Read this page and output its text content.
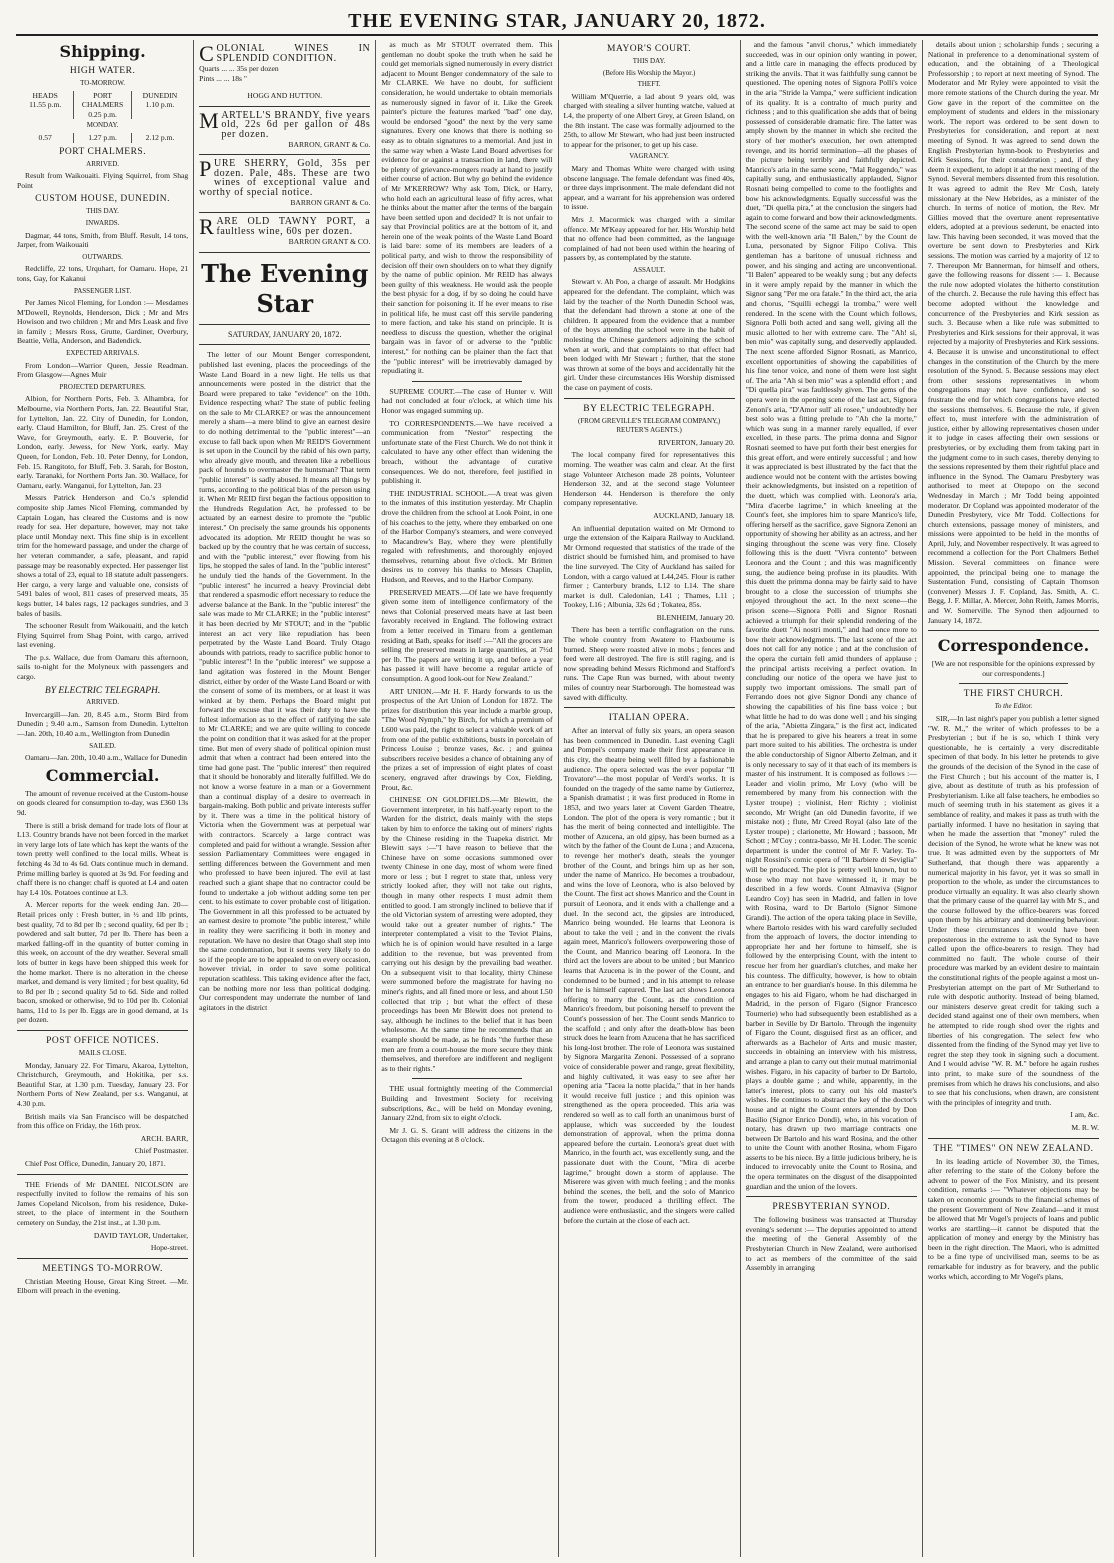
THE EVENING STAR, JANUARY 20, 1872.
Shipping.
HIGH WATER.
TO-MORROW.
HEADS
11.55 p.m.
PORT CHALMERS
0.25 p.m.
DUNEDIN
1.10 p.m.
MONDAY.
0.57	1.27 p.m.	2.12 p.m.
PORT CHALMERS.
ARRIVED.

Result from Waikouaiti. Flying Squirrel, from Shag Point

CUSTOM HOUSE, DUNEDIN.
THIS DAY.
INWARDS.

Dagmar, 44 tons, Smith, from Bluff. Result, 14 tons, Jarper, from Waikouaiti

OUTWARDS.

Redcliffe, 22 tons, Urquhart, for Oamaru. Hope, 21 tons, Gay, for Kakanui

PASSENGER LIST.

Per James Nicol Fleming, for London :— Mesdames M'Dowell, Reynolds, Henderson, Dick ; Mr and Mrs Howison and two children ; Mr and Mrs Leask and five in family ; Messrs Ross, Grutte, Gardiner, Overbury, Beattie, Vella, Anderson, and Badendick.

EXPECTED ARRIVALS.

From London—Warrior Queen, Jessie Readman. From Glasgow—Agnes Muir

PROJECTED DEPARTURES.

Albion, for Northern Ports, Feb. 3. Alhambra, for Melbourne, via Northern Ports, Jan. 22. Beautiful Star, for Lyttelton, Jan. 22. City of Dunedin, for London, early. Claud Hamilton, for Bluff, Jan. 25. Crest of the Wave, for Greymouth, early. E. P. Bouverie, for London, early. Jewess, for New York, early. May Queen, for London, Feb. 10. Peter Denny, for London, Feb. 15. Rangitoto, for Bluff, Feb. 3. Sarah, for Boston, early. Taranaki, for Northern Ports Jan. 30. Wallace, for Oamaru, early. Wanganui, for Lyttelton, Jan. 23

Messrs Patrick Henderson and Co.'s splendid composite ship James Nicol Fleming, commanded by Captain Logan, has cleared the Customs and is now ready for sea. Her departure, however, may not take place until Monday next. This fine ship is in excellent trim for the homeward passage, and under the charge of her veteran commander, a safe, pleasant, and rapid passage may be reasonably expected. Her passenger list shows a total of 23, equal to 18 statute adult passengers. Her cargo, a very large and valuable one, consists of 5491 bales of wool, 811 cases of preserved meats, 35 kegs butter, 14 bales rags, 12 packages sundries, and 3 bales of basils.

The schooner Result from Waikouaiti, and the ketch Flying Squirrel from Shag Point, with cargo, arrived last evening.

The p.s. Wallace, due from Oamaru this afternoon, sails to-night for the Molyneux with passengers and cargo.

BY ELECTRIC TELEGRAPH.
ARRIVED.

Invercargill—Jan. 20, 8.45 a.m., Storm Bird from Dunedin ; 9.40 a.m., Samson from Dunedin. Lyttelton—Jan. 20th, 10.40 a.m., Wellington from Dunedin

SAILED.

Oamaru—Jan. 20th, 10.40 a.m., Wallace for Dunedin

Commercial.

The amount of revenue received at the Custom-house on goods cleared for consumption to-day, was £360 13s 9d.

There is still a brisk demand for trade lots of flour at L13. Country brands have not been forced in the market in very large lots of late which has kept the wants of the town pretty well confined to the local mills. Wheat is fetching 4s 3d to 4s 6d. Oats continue much in demand. Prime milling barley is quoted at 3s 9d. For feeding and chaff there is no change: chaff is quoted at L4 and oaten hay L4 10s. Potatoes continue at L3.

A. Mercer reports for the week ending Jan. 20—Retail prices only : Fresh butter, in ½ and 1lb prints, best quality, 7d to 8d per lb ; second quality, 6d per lb ; powdered and salt butter, 7d per lb. There has been a marked falling-off in the quantity of butter coming in this week, on account of the dry weather. Several small lots of butter in kegs have been shipped this week for the home market. There is no alteration in the cheese market, and demand is very limited ; for best quality, 6d to 8d per lb ; second quality 5d to 6d. Side and rolled bacon, smoked or otherwise, 9d to 10d per lb. Colonial hams, 11d to 1s per lb. Eggs are in good demand, at 1s per dozen.

POST OFFICE NOTICES.
MAILS CLOSE.

Monday, January 22. For Timaru, Akaroa, Lyttelton, Christchurch, Greymouth, and Hokitika, per s.s. Beautiful Star, at 1.30 p.m. Tuesday, January 23. For Northern Ports of New Zealand, per s.s. Wanganui, at 4.30 p.m.

British mails via San Francisco will be despatched from this office on Friday, the 16th prox.

ARCH. BARR,

Chief Postmaster.

Chief Post Office, Dunedin, January 20, 1871.

THE Friends of Mr DANIEL NICOLSON are respectfully invited to follow the remains of his son James Copeland Nicolson, from his residence, Duke-street, to the place of interment in the Southern cemetery on Sunday, the 21st inst., at 1.30 p.m.

DAVID TAYLOR, Undertaker,

Hope-street.

MEETINGS TO-MORROW.

Christian Meeting House, Great King Street. —Mr. Elborn will preach in the evening.

COLONIAL WINES IN SPLENDID CONDITION.
Quarts ... ... 35s per dozen
Pints ... ... 18s "
HOGG AND HUTTON.
MARTELL'S BRANDY, five years old, 22s 6d per gallon or 48s per dozen.
BARRON, GRANT & Co.
PURE SHERRY, Gold, 35s per dozen. Pale, 48s. These are two wines of exceptional value and worthy of special notice.
BARRON GRANT & Co.
RARE OLD TAWNY PORT, a faultless wine, 60s per dozen.
BARRON GRANT & CO.
The Evening Star
SATURDAY, JANUARY 20, 1872.

The letter of our Mount Benger correspondent, published last evening, places the proceedings of the Waste Land Board in a new light. He tells us that announcements were posted in the district that the Board were prepared to take "evidence" on the 10th. Evidence respecting what? The state of public feeling on the sale to Mr CLARKE? or was the announcement merely a sham—a mere blind to give an earnest desire to do nothing detrimental to the "public interest"—an excuse to fall back upon when Mr REID'S Government is set upon in the Council by the rabid of his own party, who already give mouth, and threaten like a rebellious pack of hounds to overmaster the huntsman? That term "public interest" is sadly abused. It means all things by turns, according to the political bias of the person using it. When Mr REID first began the factious opposition to the Hundreds Regulation Act, he professed to be actuated by an earnest desire to promote the "public interest." On precisely the same grounds his opponents advocated its adoption. Mr REID thought he was so backed up by the country that he was certain of success, and with the "public interest," ever flowing from his lips, he stopped the sales of land. In the "public interest" he unduly tied the hands of the Government. In the "public interest" he incurred a heavy Provincial debt that rendered a spasmodic effort necessary to reduce the adverse balance at the Bank. In the "public interest" the sale was made to Mr CLARKE; in the "public interest" it has been decried by Mr STOUT; and in the "public interest an act very like repudiation has been perpetrated by the Waste Land Board. Truly Otago abounds with patriots, ready to sacrifice public honor to "public interest"! In the "public interest" we suppose a land agitation was fostered in the Mount Benger district, either by order of the Waste Land Board or with the consent of some of its members, or at least it was winked at by them. Perhaps the Board might put forward the excuse that it was their duty to have the fullest information as to the effect of ratifying the sale to Mr CLARKE; and we are quite willing to concede the point on condition that it was asked for at the proper time. But men of every shade of political opinion must admit that when a contract had been entered into the time had gone past. The "public interest" then required that it should be honorably and literally fulfilled. We do not know a worse feature in a man or a Government than a continual display of a desire to overreach in bargain-making. Both public and private interests suffer by it. There was a time in the political history of Victoria when the Government was at perpetual war with contractors. Scarcely a large contract was completed and paid for without a wrangle. Session after session Parliamentary Committees were engaged in settling differences between the Government and men who professed to have been injured. The evil at last reached such a giant shape that no contractor could be found to undertake a job without adding some ten per cent. to his estimate to cover probable cost of litigation. The Government in all this professed to be actuated by an earnest desire to promote "the public interest," while in reality they were sacrificing it both in money and reputation. We have no desire that Otago shall step into the same condemnation, but it seems very likely to do so if the people are to be appealed to on every occasion, however trivial, in order to save some political reputation scathless. This taking evidence after the fact, can be nothing more nor less than political dodging. Our correspondent may underrate the number of land agitators in the district

as much as Mr STOUT overrated them. This gentleman no doubt spoke the truth when he said he could get memorials signed numerously in every district adjacent to Mount Benger condemnatory of the sale to Mr CLARKE. We have no doubt, for sufficient consideration, he would undertake to obtain memorials as numerously signed in favor of it. Like the Greek painter's picture the features marked "bad" one day, would be endorsed "good" the next by the very same signatures. Every one knows that there is nothing so easy as to obtain signatures to a memorial. And just in the same way when a Waste Land Board advertises for evidence for or against a transaction in land, there will be plenty of grievance-mongers ready at hand to justify either course of action. But why go behind the evidence of Mr M'KERROW? Why ask Tom, Dick, or Harry, who hold each an agricultural lease of fifty acres, what he thinks about the matter after the terms of the bargain have been settled upon and decided? It is not unfair to say that Provincial politics are at the bottom of it, and herein one of the weak points of the Waste Land Board is laid bare: some of its members are leaders of a political party, and wish to throw the responsibility of decision off their own shoulders on to what they dignify by the name of public opinion. Mr REID has always been guilty of this weakness. He would ask the people the best physic for a dog, if by so doing he could have their sanction for poisoning it. If he ever means to rise in political life, he must cast off this servile pandering to mere faction, and take his stand on principle. It is needless to discuss the question, whether the original bargain was in favor of or adverse to the "public interest," for nothing can be plainer than the fact that the "public interest" will be irretrievably damaged by repudiating it.

SUPREME COURT.—The case of Hunter v. Will had not concluded at four o'clock, at which time his Honor was engaged summing up.

TO CORRESPONDENTS.—We have received a communication from "Nestor" respecting the unfortunate state of the First Church. We do not think it calculated to have any other effect than widening the breach, without the advantage of curative consequences. We do not, therefore, feel justified in publishing it.

THE INDUSTRIAL SCHOOL.—A treat was given to the inmates of this institution yesterday. Mr Chaplin drove the children from the school at Look Point, in one of his coaches to the jetty, where they embarked on one of the Harbor Company's steamers, and were conveyed to Macandrew's Bay, where they were plentifully regaled with refreshments, and thoroughly enjoyed themselves, returning about five o'clock. Mr Britten desires us to convey his thanks to Messrs Chaplin, Hudson, and Reeves, and to the Harbor Company.

PRESERVED MEATS.—Of late we have frequently given some item of intelligence confirmatory of the news that Colonial preserved meats have at last been favorably received in England. The following extract from a letter received in Timaru from a gentleman residing at Bath, speaks for itself :—"All the grocers are selling the preserved meats in large quantities, at 7½d per lb. The papers are writing it up, and before a year has passed it will have become a regular article of consumption. A good look-out for New Zealand."

ART UNION.—Mr H. F. Hardy forwards to us the prospectus of the Art Union of London for 1872. The prizes for distribution this year include a marble group, "The Wood Nymph," by Birch, for which a premium of L600 was paid, the right to select a valuable work of art from one of the public exhibitions, busts in porcelain of Princess Louise ; bronze vases, &c. ; and guinea subscribers receive besides a chance of obtaining any of the prizes a set of impression of eight plates of coast scenery, engraved after drawings by Cox, Fielding, Prout, &c.

CHINESE ON GOLDFIELDS.—Mr Blewitt, the Government interpreter, in his half-yearly report to the Warden for the district, deals mainly with the steps taken by him to enforce the taking out of miners' rights by the Chinese residing in the Tuapeka district. Mr Blewitt says :—"I have reason to believe that the Chinese have on some occasions summoned over twenty Chinese in one day, most of whom were fined more or less ; but I regret to state that, unless very strictly looked after, they will not take out rights, though in many other respects I must admit them entitled to good. I am strongly inclined to believe that if the old Victorian system of arresting were adopted, they would take out a greater number of rights." The interpreter contemplated a visit to the Teviot Plains, which he is of opinion would have resulted in a large addition to the revenue, but was prevented from carrying out his design by the prevailing bad weather. On a subsequent visit to that locality, thirty Chinese were summoned before the magistrate for having no miner's rights, and all fined more or less, and about L50 collected that trip ; but what the effect of these proceedings has been Mr Blewitt does not pretend to say, although he inclines to the belief that it has been wholesome. At the same time he recommends that an example should be made, as he finds "the further these men are from a court-house the more secure they think themselves, and therefore are indifferent and negligent as to their rights."

THE usual fortnightly meeting of the Commercial Building and Investment Society for receiving subscriptions, &c., will be held on Monday evening, January 22nd, from six to eight o'clock.

Mr J. G. S. Grant will address the citizens in the Octagon this evening at 8 o'clock.

MAYOR'S COURT.
THIS DAY.
(Before His Worship the Mayor.)
THEFT.

William M'Querrie, a lad about 9 years old, was charged with stealing a silver hunting watche, valued at L4, the property of one Albert Grey, at Green Island, on the 8th instant. The case was formally adjourned to the 25th, to allow Mr Stewart, who had just been instructed to appear for the prisoner, to get up his case.

VAGRANCY.

Mary and Thomas White were charged with using obscene language. The female defendant was fined 40s, or three days imprisonment. The male defendant did not appear, and a warrant for his apprehension was ordered to issue.

Mrs J. Macormick was charged with a similar offence. Mr M'Keay appeared for her. His Worship held that no offence had been committed, as the language complained of had not been used within the hearing of passers by, as contemplated by the statute.

ASSAULT.

Stewart v. Ah Poo, a charge of assault. Mr Hodgkins appeared for the defendant. The complaint, which was laid by the teacher of the North Dunedin School was, that the defendant had thrown a stone at one of the children. It appeared from the evidence that a number of the boys attending the school were in the habit of molesting the Chinese gardeners adjoining the school when at work, and that complaints to that effect had been lodged with Mr Stewart ; further, that the stone was thrown at some of the boys and accidentally hit the girl. Under these circumstances His Worship dismissed the case on payment of costs.

BY ELECTRIC TELEGRAPH.
(FROM GREVILLE'S TELEGRAM COMPANY,) REUTER'S AGENTS.)

RIVERTON, January 20.

The local company fired for representatives this morning. The weather was calm and clear. At the first stage Volunteer Atcheson made 28 points, Volunteer Henderson 32, and at the second stage Volunteer Henderson 44. Henderson is therefore the only company representative.

AUCKLAND, January 18.

An influential deputation waited on Mr Ormond to urge the extension of the Kaipara Railway to Auckland. Mr Ormond requested that statistics of the trade of the district should be furnished him, and promised to have the line surveyed. The City of Auckland has sailed for London, with a cargo valued at L44,245. Flour is rather firmer ; Canterbury brands, L12 to L14. The share market is dull. Caledonian, L41 ; Thames, L11 ; Tookey, L16 ; Albunia, 32s 6d ; Tokatea, 85s.

BLENHEIM, January 20.

There has been a terrific conflagration on the runs. The whole country from Awatere to Flaxbourne is burned. Sheep were roasted alive in mobs ; fences and feed were all destroyed. The fire is still raging, and is now spreading behind Messrs Richmond and Stafford's runs. The Cape Run was burned, with about twenty miles of country near Starborough. The homestead was saved with difficulty.

ITALIAN OPERA.

After an interval of fully six years, an opera season has been commenced in Dunedin. Last evening Cagli and Pompei's company made their first appearance in this city, the theatre being well filled by a fashionable audience. The opera selected was the ever popular "Il Trovatore"—the most popular of Verdi's works. It is founded on the tragedy of the same name by Gutierrez, a Spanish dramatist ; it was first produced in Rome in 1853, and two years later at Covent Garden Theatre, London. The plot of the opera is very romantic ; but it has the merit of being connected and intelligible. The mother of Azucena, an old gipsy, has been burned as a witch by the father of the Count de Luna ; and Azucena, to revenge her mother's death, steals the younger brother of the Count, and brings him up as her son, under the name of Manrico. He becomes a troubadour, and wins the love of Leonora, who is also beloved by the Count. The first act shows Manrico and the Count in pursuit of Leonora, and it ends with a challenge and a duel. In the second act, the gipsies are introduced, Manrico being wounded. He learns that Leonora is about to take the veil ; and in the convent the rivals again meet, Manrico's followers overpowering those of the Count, and Manrico bearing off Leonora. In the third act the lovers are about to be united ; but Manrico learns that Azucena is in the power of the Count, and condemned to be burned ; and in his attempt to release her he is himself captured. The last act shows Leonora offering to marry the Count, as the condition of Manrico's freedom, but poisoning herself to prevent the Count's possession of her. The Count sends Manrico to the scaffold ; and only after the death-blow has been struck does he learn from Azucena that he has sacrificed his long-lost brother. The role of Leonora was sustained by Signora Margarita Zenoni. Possessed of a soprano voice of considerable power and range, great flexibility, and highly cultivated, it was easy to see after her opening aria "Tacea la notte placida," that in her hands it would receive full justice ; and this opinion was strengthened as the opera proceeded. This aria was rendered so well as to call forth an unanimous burst of applause, which was succeeded by the loudest demonstration of approval, when the prima donna appeared before the curtain. Leonora's great duet with Manrico, in the fourth act, was excellently sung, and the passionate duet with the Count, "Mira di acerbe lagrime," brought down a storm of applause. The Miserere was given with much feeling ; and the monks behind the scenes, the bell, and the solo of Manrico from the tower, produced a thrilling effect. The audience were enthusiastic, and the singers were called before the curtain at the close of each act.

and the famous "anvil chorus," which immediately succeeded, was in our opinion only wanting in power, and a little care in managing the effects produced by striking the anvils. That it was faithfully sung cannot be questioned. The opening notes of Signora Polli's voice in the aria "Stride la Vampa," were sufficient indication of its quality. It is a contralto of much purity and richness ; and to this qualification she adds that of being possessed of considerable dramatic fire. The latter was amply shown by the manner in which she recited the story of her mother's execution, her own attempted revenge, and its horrid termination—all the phases of the picture being terribly and faithfully depicted. Manrico's aria in the same scene, "Mal Reggendo," was capitally sung, and enthusiastically applauded, Signor Rosnati being compelled to come to the footlights and bow his acknowledgments. Equally successful was the duet, "Di quella pira," at the conclusion the singers had again to come forward and bow their acknowledgments. The second scene of the same act may be said to open with the well-known aria "Il Balen," by the Count de Luna, personated by Signor Filipo Coliva. This gentleman has a baritone of unusual richness and power, and his singing and acting are unconventional. "Il Balen" appeared to be weakly sung ; but any defects in it were amply repaid by the manner in which the Signor sang "Per me ora fatale." In the third act, the aria and chorus, "Squilli echeggi la tromba," were well rendered. In the scene with the Count which follows, Signora Polli both acted and sang well, giving all the music allotted to her with extreme care. The "Ah! sì, ben mio" was capitally sung, and deservedly applauded. The next scene afforded Signor Rosnati, as Manrico, excellent opportunities of showing the capabilities of his fine tenor voice, and none of them were lost sight of. The aria "Ah si ben mio" was a splendid effort ; and "Di quella pira" was faultlessly given. The gems of the opera were in the opening scene of the last act, Signora Zenoni's aria, "D'Amor sull' ali rosee," undoubtedly her best solo was a fitting prelude to "Ah che la morte," which was sung in a manner rarely equalled, if ever excelled, in these parts. The prima donna and Signor Rosnati seemed to have put forth their best energies for this great effort, and were entirely successful ; and how it was appreciated is best illustrated by the fact that the audience would not be content with the artistes bowing their acknowledgments, but insisted on a repetition of the duett, which was complied with. Leonora's aria, "Mira d'acerbe lagrime," in which kneeling at the Count's feet, she implores him to spare Manrico's life, offering herself as the sacrifice, gave Signora Zenoni an opportunity of showing her ability as an actress, and her singing throughout the scene was very fine. Closely following this is the duett "Vivra contento" between Leonora and the Count ; and this was magnificently sung, the audience being profuse in its plaudits. With this duett the primma donna may be fairly said to have brought to a close the succession of triumphs she enjoyed throughout the act. In the next scene—the prison scene—Signora Polli and Signor Rosnati achieved a triumph for their splendid rendering of the favorite duett "Ai nostri monti," and had once more to bow their acknowledgments. The last scene of the act does not call for any notice ; and at the conclusion of the opera the curtain fell amid thunders of applause ; the principal artists receiving a perfect ovation. In concluding our notice of the opera we have just to supply two important omissions. The small part of Ferrando does not give Signor Dondi any chance of showing the capabilities of his fine bass voice ; but what little he had to do was done well ; and his singing of the aria, "Abietta Zingara," is the first act, indicated that he is prepared to give his hearers a treat in some part more suited to his abilities. The orchestra is under the able conductorship of Signor Alberto Zelman, and it is only necessary to say of it that each of its members is master of his instrument. It is composed as follows :—Leader and violin primo, Mr Lovy (who will be remembered by many from his connection with the Lyster troupe) ; violinist, Herr Richty ; violinist secondo, Mr Wright (an old Dunedin favorite, if we mistake not) ; flute, Mr Creed Royal (also late of the Lyster troupe) ; clarionette, Mr Howard ; bassoon, Mr Schott ; M'Coy ; contra-basso, Mr H. Loder. The scenic department is under the control of Mr F. Varley. To-night Rossini's comic opera of "Il Barbiere di Seviglia" will be produced. The plot is pretty well known, but to those who may not have witnessed it, it may be described in a few words. Count Almaviva (Signor Leandro Coy) has seen in Madrid, and fallen in love with Rosina, ward to Dr Bartolo (Signor Simone Grandi). The action of the opera taking place in Seville, where Bartolo resides with his ward carefully secluded from the approach of lovers, the doctor intending to appropriate her and her fortune to himself, she is followed by the enterprising Count, with the intent to rescue her from her guardian's clutches, and make her his countess. The difficulty, however, is how to obtain an entrance to her guardian's house. In this dilemma he engages to his aid Figaro, whom he had discharged in Madrid, in the person of Figaro (Signor Francesco Tournerie) who had subsequently been established as a barber in Seville by Dr Bartolo. Through the ingenuity of Figaro the Count, disguised first as an officer, and afterwards as a Bachelor of Arts and music master, succeeds in obtaining an interview with his mistress, and arrange a plan to carry out their mutual matrimonial wishes. Figaro, in his capacity of barber to Dr Bartolo, plays a double game ; and while, apparently, in the latter's interest, plots to carry out his old master's wishes. He continues to abstract the key of the doctor's house and at night the Count enters attended by Don Basilio (Signor Enrico Dondi), who, in his vocation of notary, has drawn up two marriage contracts one between Dr Bartolo and his ward Rosina, and the other to unite the Count with another Rosina, whom Figaro asserts to be his niece. By a little judicious bribery, he is induced to irrevocably unite the Count to Rosina, and the opera terminates on the disgust of the disappointed guardian and the union of the lovers.

PRESBYTERIAN SYNOD.

The following business was transacted at Thursday evening's sederunt :— The deputies appointed to attend the meeting of the General Assembly of the Presbyterian Church in New Zealand, were authorised to act as members of the committee of the said Assembly in arranging

details about union ; scholarship funds ; securing a National in preference to a denominational system of education, and the obtaining of a Theological Professorship ; to report at next meeting of Synod. The Moderator and Mr Ryley were appointed to visit the more remote stations of the Church during the year. Mr Gow gave in the report of the committee on the employment of students and elders in the missionary work. The report was ordered to be sent down to Presbyteries for consideration, and report at next meeting of Synod. It was agreed to send down the English Presbyterian hymn-book to Presbyteries and Kirk Sessions, for their consideration ; and, if they deem it expedient, to adopt it at the next meeting of the Synod. Several members dissented from this resolution. It was agreed to admit the Rev Mr Cosh, lately missionary at the New Hebrides, as a minister of the church. In terms of notice of motion, the Rev. Mr Gillies moved that the overture anent representative elders, adopted at a previous sederunt, be enacted into law. This having been seconded, it was moved that the overture be sent down to Presbyteries and Kirk sessions. The motion was carried by a majority of 12 to 7. Thereupon Mr Bannerman, for himself and others, gave the following reasons for dissent :— 1. Because the rule now adopted violates the hitherto constitution of the church. 2. Because the rule having this effect has become adopted without the knowledge and concurrence of the Presbyteries and Kirk session as such. 3. Because when a like rule was submitted to Presbyteries and Kirk sessions for their approval, it was rejected by a majority of Presbyteries and Kirk sessions. 4. Because it is unwise and unconstitutional to effect changes in the constitution of the Church by the mere resolution of the Synod. 5. Because sessions may elect from other sessions representatives in whom congregations may not have confidence, and so frustrate the end for which congregations have elected the sessions themselves. 6. Because the rule, if given effect to, must interfere with the administration of justice, either by allowing representatives chosen under it to judge in cases affecting their own sessions or presbyteries, or by excluding them from taking part in the judgment come to in such cases, thereby denying to the sessions represented by them their rightful place and influence in the Synod. The Oamaru Presbytery was authorised to meet at Otepopo on the second Wednesday in March ; Mr Todd being appointed moderator. Dr Copland was appointed moderator of the Dunedin Presbytery, vice Mr Todd. Collections for church extensions, passage money of ministers, and missions were appointed to be held in the months of April, July, and November respectively. It was agreed to recommend a collection for the Port Chalmers Bethel Mission. Several committees on finance were appointed, the principal being one to manage the Sustentation Fund, consisting of Captain Thomson (convener) Messrs J. F. Copland, Jas. Smith, A. C. Begg, J. F. Millar, A. Mercer, John Reith, James Morris, and W. Somerville. The Synod then adjourned to January 14, 1872.

Correspondence.

[We are not responsible for the opinions expressed by our correspondents.]

THE FIRST CHURCH.
To the Editor.

SIR,—In last night's paper you publish a letter signed "W. R. M.," the writer of which professes to be a Presbyterian ; but if he is so, which I think very questionable, he is certainly a very discreditable specimen of that body. In his letter he pretends to give the grounds of the decision of the Synod in the case of the First Church ; but his account of the matter is, I give, about as destitute of truth as his profession of Presbyterianism. Like all false teachers, he embodies so much of seeming truth in his statement as gives it a semblance of reality, and makes it pass as truth with the partially informed. I have no hesitation in saying that when he made the assertion that "money" ruled the decision of the Synod, he wrote what he knew was not true. It was admitted even by the supporters of Mr Sutherland, that though there was apparently a numerical majority in his favor, yet it was so small in proportion to the whole, as under the circumstances to produce virtually an equality. It was also clearly shown that the primary cause of the quarrel lay with Mr S., and the course followed by the office-bearers was forced upon them by his arbitrary and domineering behaviour. Under these circumstances it would have been preposterous in the extreme to ask the Synod to have called upon the office-bearers to resign. They had committed no fault. The whole course of their procedure was marked by an evident desire to maintain the constitutional rights of the people against a most un-Presbyterian attempt on the part of Mr Sutherland to rule with despotic authority. Instead of being blamed, our ministers deserve great credit for taking such a decided stand against one of their own members, when he attempted to ride rough shod over the rights and liberties of his congregation. The select few who dissented from the finding of the Synod may yet live to regret the step they took in signing such a document. And I would advise "W. R. M." before he again rushes into print, to make sure of the soundness of the premises from which he draws his conclusions, and also to see that his conclusions, when drawn, are consistent with the principles of integrity and truth.

I am, &c.

M. R. W.

THE "TIMES" ON NEW ZEALAND.

In its leading article of November 30, the Times, after referring to the state of the Colony before the advent to power of the Fox Ministry, and its present condition, remarks :— "Whatever objections may be taken on economic grounds to the financial schemes of the present Government of New Zealand—and it must be allowed that Mr Vogel's projects of loans and public works are startling—it cannot be disputed that the application of money and energy by the Ministry has been in the right direction. The Maori, who is admitted to be a fine type of uncivilised man, seems to be as remarkable for industry as for bravery, and the public works which, according to Mr Vogel's plans,
